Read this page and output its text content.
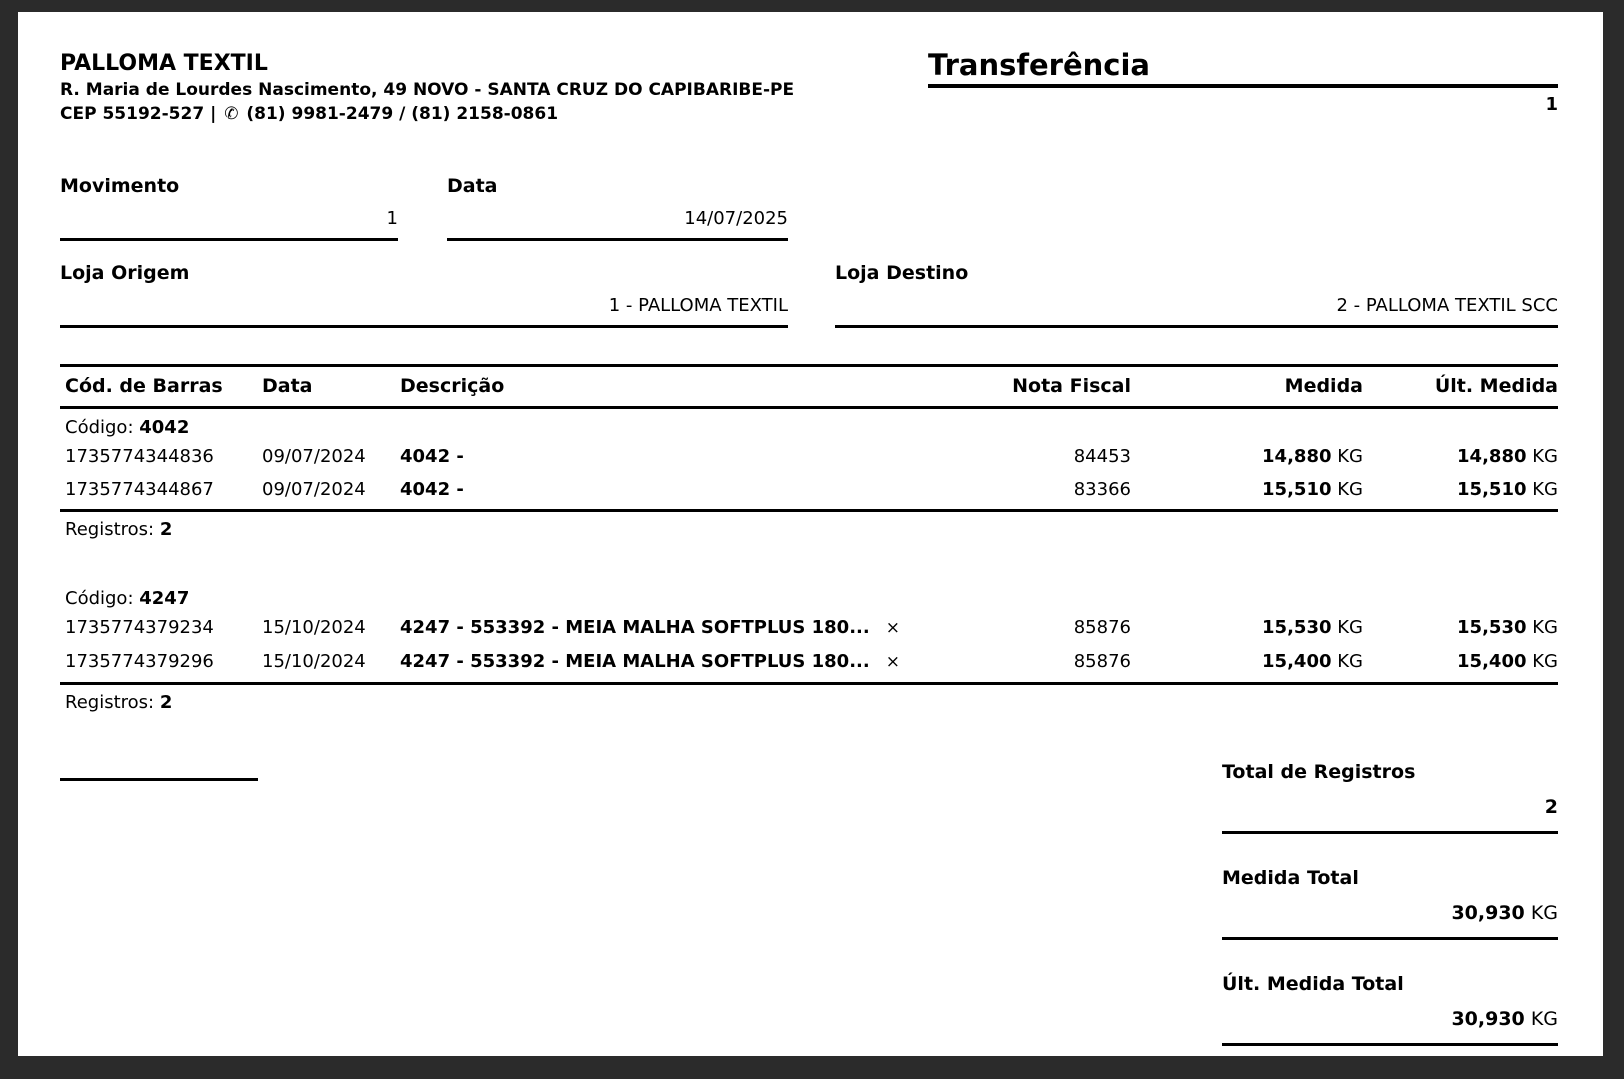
PALLOMA TEXTIL
R. Maria de Lourdes Nascimento, 49 NOVO - SANTA CRUZ DO CAPIBARIBE-PE
CEP 55192-527 | ✆ (81) 9981-2479 / (81) 2158-0861
Transferência
1
Movimento
1
Data
14/07/2025
Loja Origem
1 - PALLOMA TEXTIL
Loja Destino
2 - PALLOMA TEXTIL SCC
Cód. de Barras	Data	Descrição	Nota Fiscal	Medida	Últ. Medida
Código: 4042
1735774344836	09/07/2024	4042 -	84453	14,880 KG	14,880 KG
1735774344867	09/07/2024	4042 -	83366	15,510 KG	15,510 KG
Registros: 2
Código: 4247
1735774379234	15/10/2024	4247 - 553392 - MEIA MALHA SOFTPLUS 180... ×	85876	15,530 KG	15,530 KG
1735774379296	15/10/2024	4247 - 553392 - MEIA MALHA SOFTPLUS 180... ×	85876	15,400 KG	15,400 KG
Registros: 2
Total de Registros
2
Medida Total
30,930 KG
Últ. Medida Total
30,930 KG
